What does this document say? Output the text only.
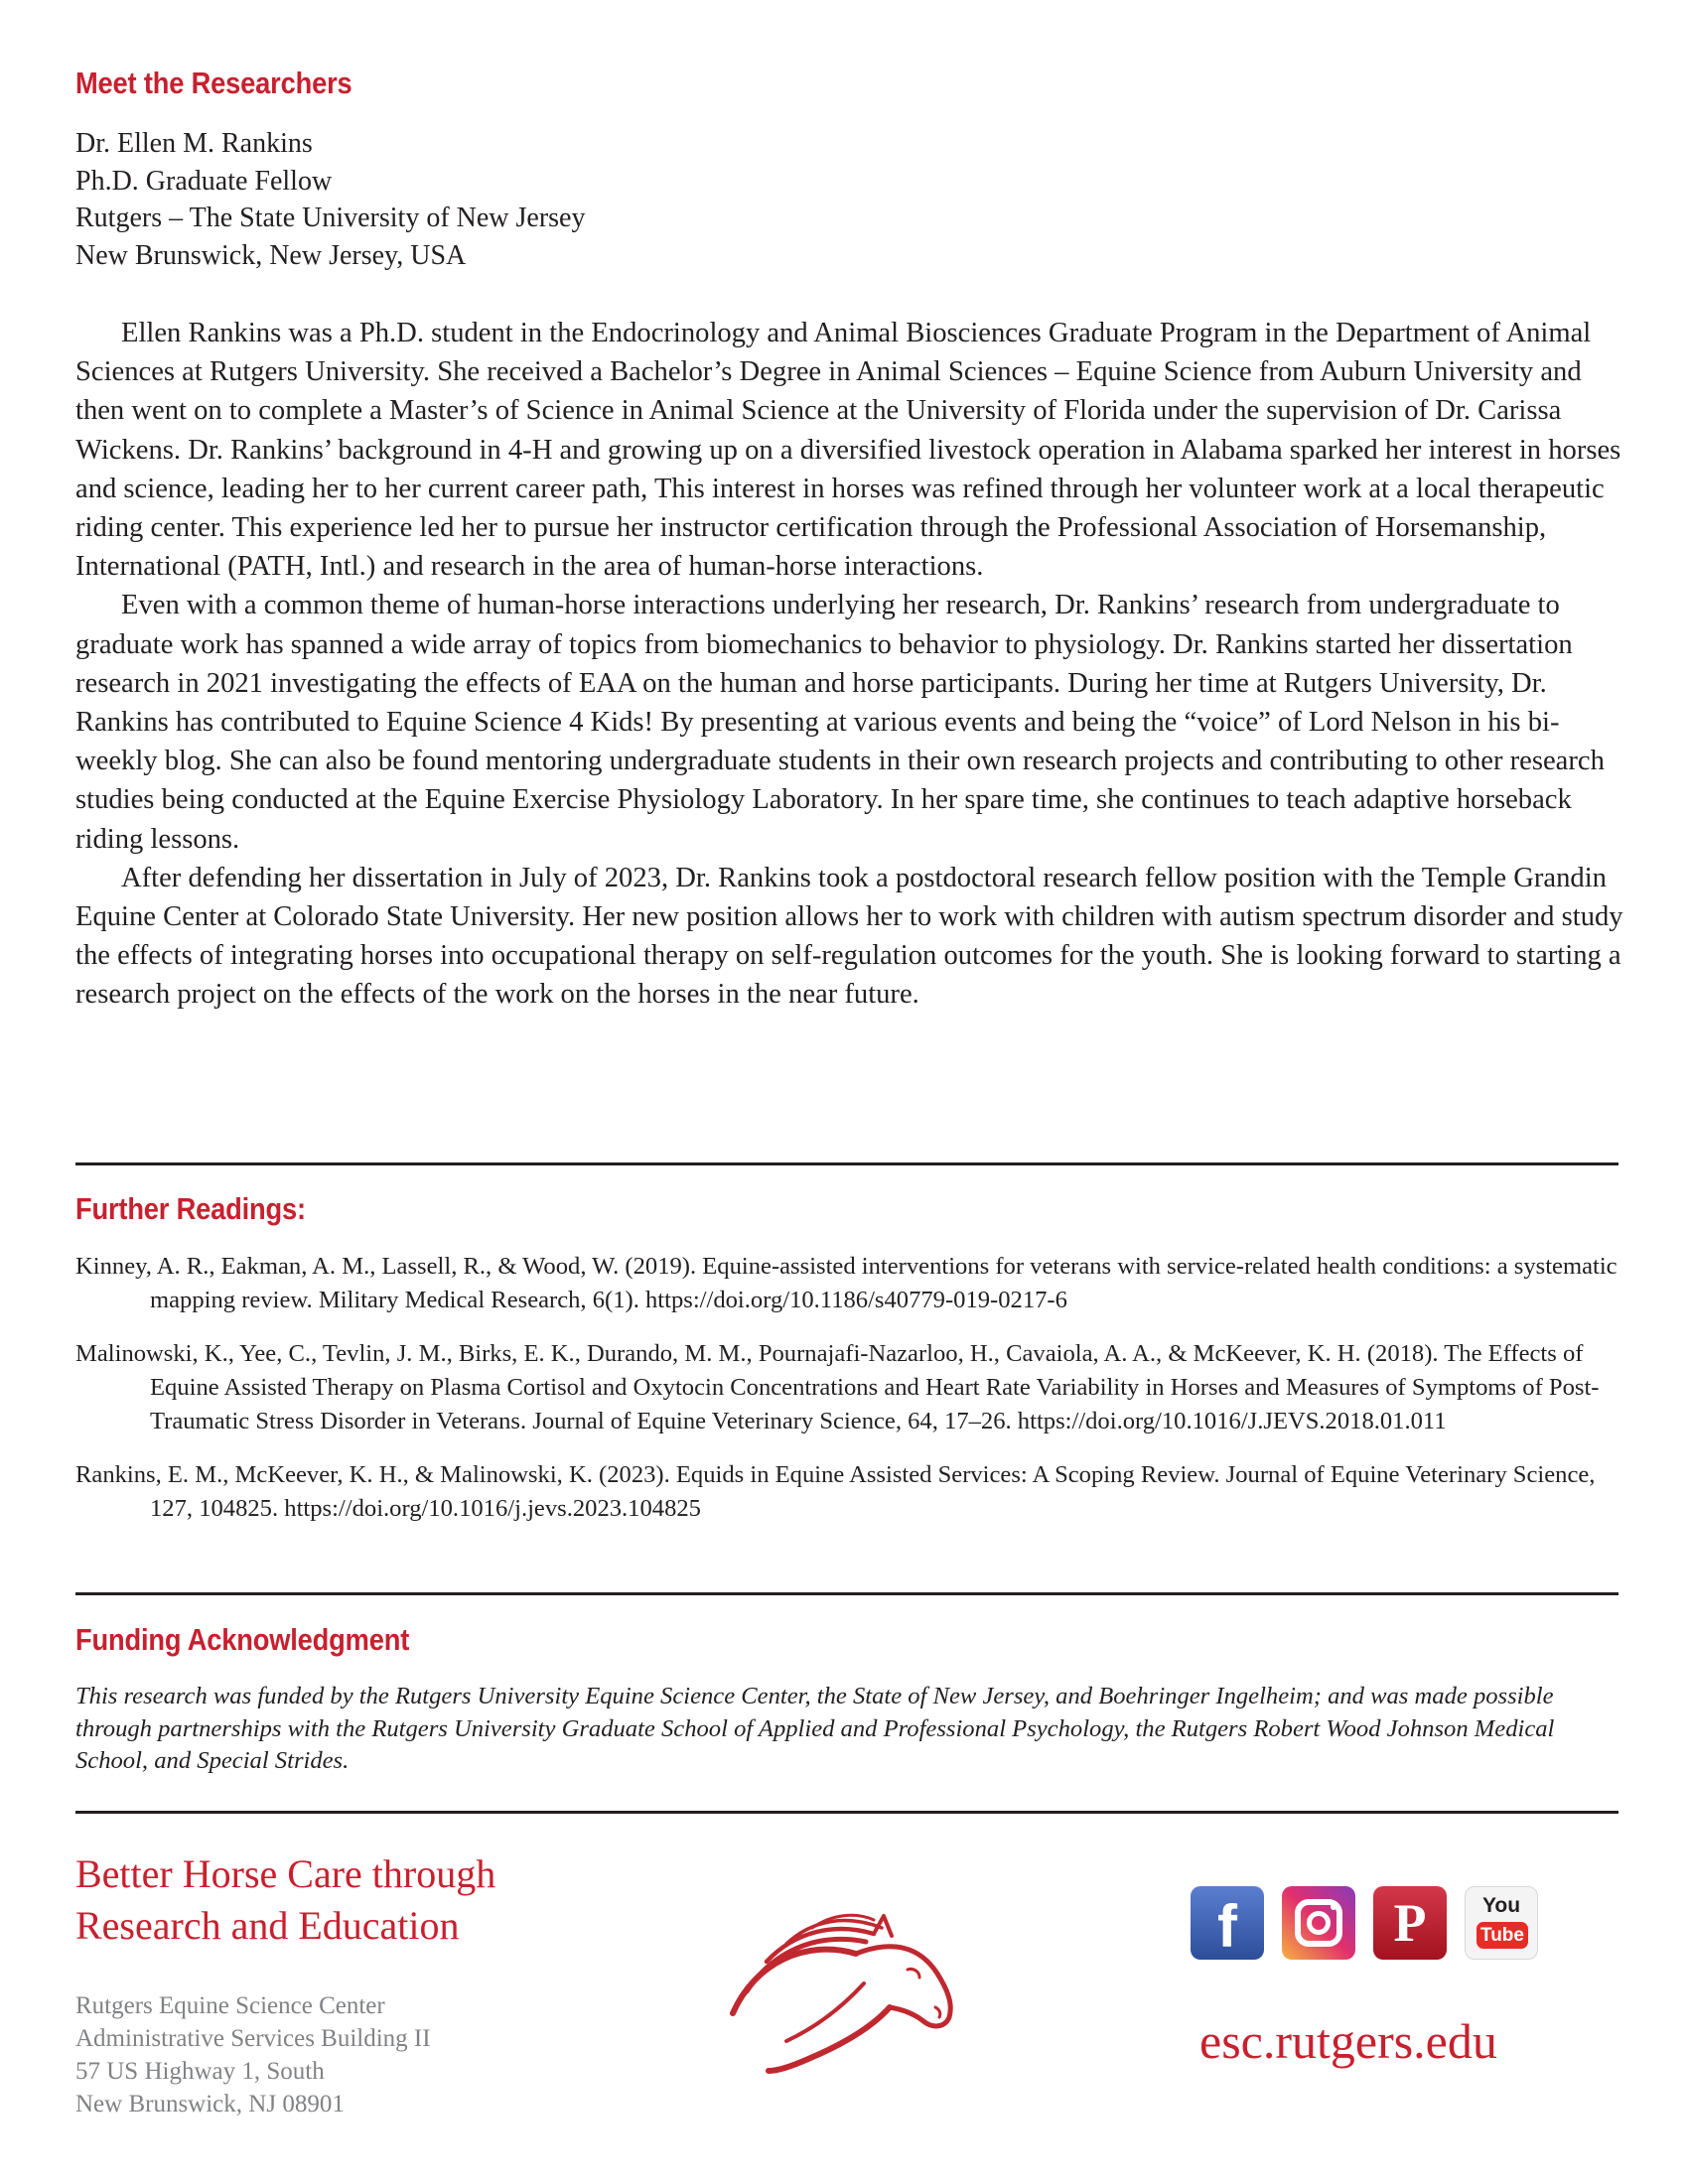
Meet the Researchers
Dr. Ellen M. Rankins
Ph.D. Graduate Fellow
Rutgers – The State University of New Jersey
New Brunswick, New Jersey, USA

Ellen Rankins was a Ph.D. student in the Endocrinology and Animal Biosciences Graduate Program in the Department of Animal Sciences at Rutgers University. She received a Bachelor’s Degree in Animal Sciences – Equine Science from Auburn University and then went on to complete a Master’s of Science in Animal Science at the University of Florida under the supervision of Dr. Carissa Wickens. Dr. Rankins’ background in 4-H and growing up on a diversified livestock operation in Alabama sparked her interest in horses and science, leading her to her current career path, This interest in horses was refined through her volunteer work at a local therapeutic riding center. This experience led her to pursue her instructor certification through the Professional Association of Horsemanship, International (PATH, Intl.) and research in the area of human-horse interactions.

Even with a common theme of human-horse interactions underlying her research, Dr. Rankins’ research from undergraduate to graduate work has spanned a wide array of topics from biomechanics to behavior to physiology. Dr. Rankins started her dissertation research in 2021 investigating the effects of EAA on the human and horse participants. During her time at Rutgers University, Dr. Rankins has contributed to Equine Science 4 Kids! By presenting at various events and being the “voice” of Lord Nelson in his bi-weekly blog. She can also be found mentoring undergraduate students in their own research projects and contributing to other research studies being conducted at the Equine Exercise Physiology Laboratory. In her spare time, she continues to teach adaptive horseback riding lessons.

After defending her dissertation in July of 2023, Dr. Rankins took a postdoctoral research fellow position with the Temple Grandin Equine Center at Colorado State University. Her new position allows her to work with children with autism spectrum disorder and study the effects of integrating horses into occupational therapy on self-regulation outcomes for the youth. She is looking forward to starting a research project on the effects of the work on the horses in the near future.

Further Readings:
Kinney, A. R., Eakman, A. M., Lassell, R., & Wood, W. (2019). Equine-assisted interventions for veterans with service-related health conditions: a systematic mapping review. Military Medical Research, 6(1). https://doi.org/10.1186/s40779-019-0217-6
Malinowski, K., Yee, C., Tevlin, J. M., Birks, E. K., Durando, M. M., Pournajafi-Nazarloo, H., Cavaiola, A. A., & McKeever, K. H. (2018). The Effects of Equine Assisted Therapy on Plasma Cortisol and Oxytocin Concentrations and Heart Rate Variability in Horses and Measures of Symptoms of Post-Traumatic Stress Disorder in Veterans. Journal of Equine Veterinary Science, 64, 17–26. https://doi.org/10.1016/J.JEVS.2018.01.011
Rankins, E. M., McKeever, K. H., & Malinowski, K. (2023). Equids in Equine Assisted Services: A Scoping Review. Journal of Equine Veterinary Science, 127, 104825. https://doi.org/10.1016/j.jevs.2023.104825
Funding Acknowledgment
This research was funded by the Rutgers University Equine Science Center, the State of New Jersey, and Boehringer Ingelheim; and was made possible through partnerships with the Rutgers University Graduate School of Applied and Professional Psychology, the Rutgers Robert Wood Johnson Medical School, and Special Strides.
Better Horse Care through
Research and Education
Rutgers Equine Science Center
Administrative Services Building II
57 US Highway 1, South
New Brunswick, NJ 08901
f	P	You
Tube
esc.rutgers.edu
